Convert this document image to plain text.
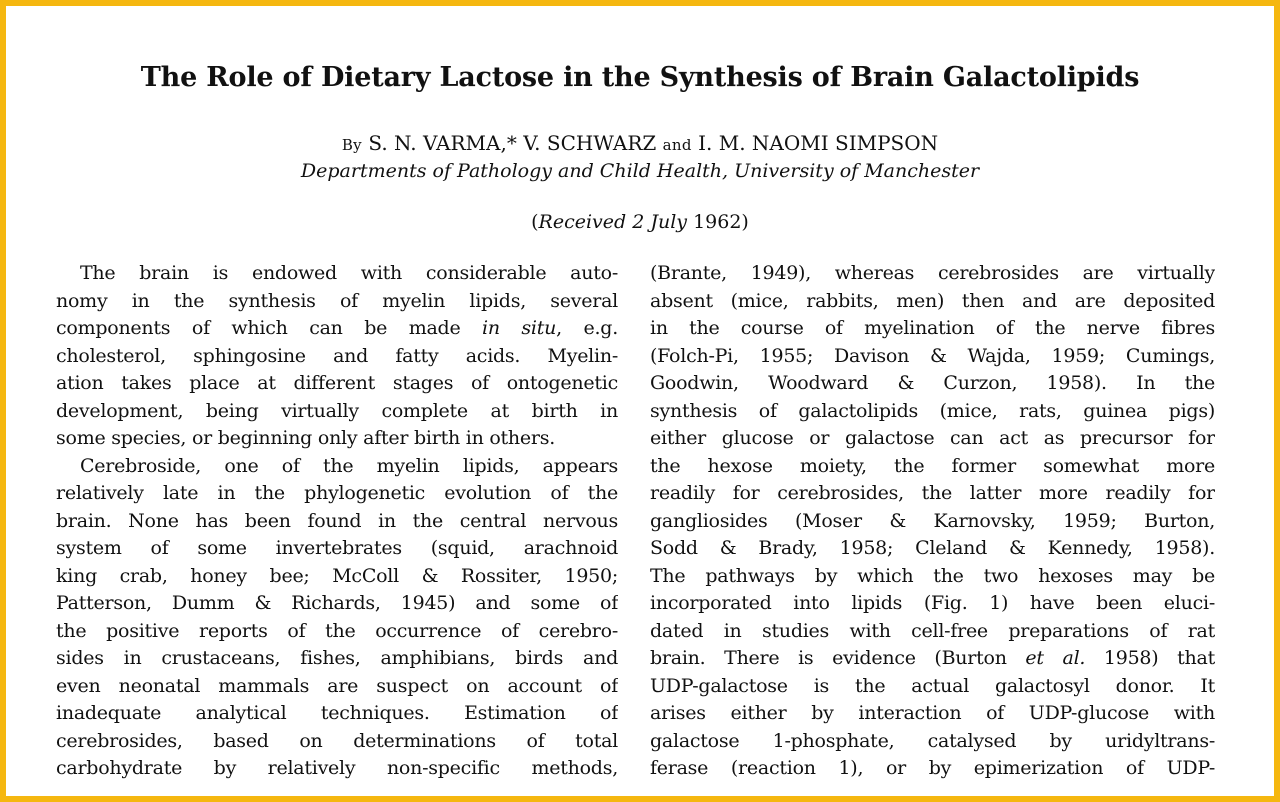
The Role of Dietary Lactose in the Synthesis of Brain Galactolipids
By S. N. VARMA,* V. SCHWARZ and I. M. NAOMI SIMPSON
Departments of Pathology and Child Health, University of Manchester
(Received 2 July 1962)
The brain is endowed with considerable auto-
nomy in the synthesis of myelin lipids, several
components of which can be made in situ, e.g.
cholesterol, sphingosine and fatty acids. Myelin-
ation takes place at different stages of ontogenetic
development, being virtually complete at birth in
some species, or beginning only after birth in others.
Cerebroside, one of the myelin lipids, appears
relatively late in the phylogenetic evolution of the
brain. None has been found in the central nervous
system of some invertebrates (squid, arachnoid
king crab, honey bee; McColl & Rossiter, 1950;
Patterson, Dumm & Richards, 1945) and some of
the positive reports of the occurrence of cerebro-
sides in crustaceans, fishes, amphibians, birds and
even neonatal mammals are suspect on account of
inadequate analytical techniques. Estimation of
cerebrosides, based on determinations of total
carbohydrate by relatively non-specific methods,
(Brante, 1949), whereas cerebrosides are virtually
absent (mice, rabbits, men) then and are deposited
in the course of myelination of the nerve fibres
(Folch-Pi, 1955; Davison & Wajda, 1959; Cumings,
Goodwin, Woodward & Curzon, 1958). In the
synthesis of galactolipids (mice, rats, guinea pigs)
either glucose or galactose can act as precursor for
the hexose moiety, the former somewhat more
readily for cerebrosides, the latter more readily for
gangliosides (Moser & Karnovsky, 1959; Burton,
Sodd & Brady, 1958; Cleland & Kennedy, 1958).
The pathways by which the two hexoses may be
incorporated into lipids (Fig. 1) have been eluci-
dated in studies with cell-free preparations of rat
brain. There is evidence (Burton et al. 1958) that
UDP-galactose is the actual galactosyl donor. It
arises either by interaction of UDP-glucose with
galactose 1-phosphate, catalysed by uridyltrans-
ferase (reaction 1), or by epimerization of UDP-
